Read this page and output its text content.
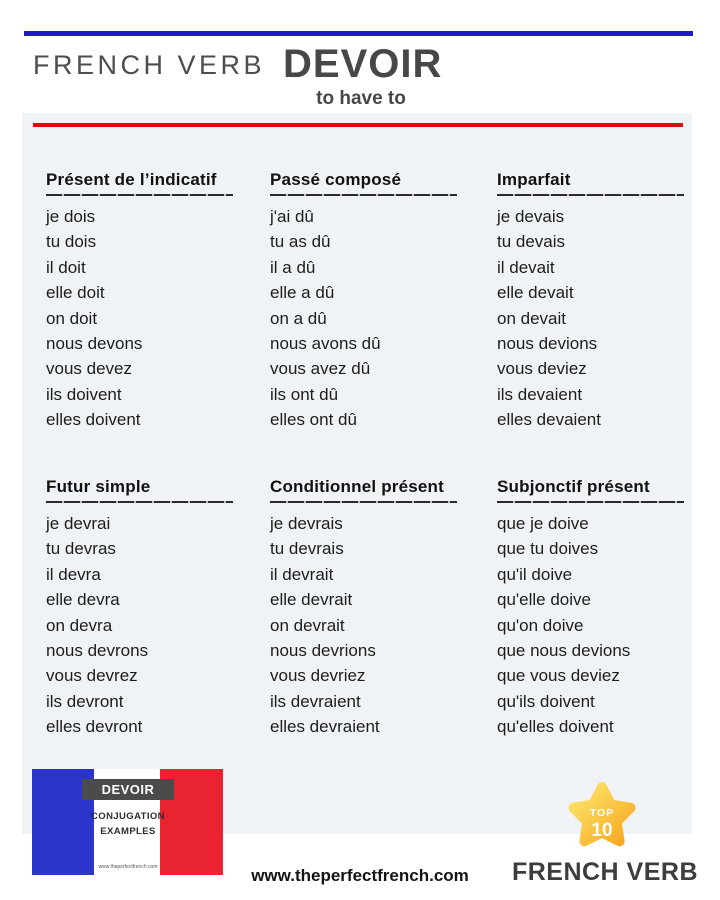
FRENCH VERB DEVOIR
to have to
Présent de l’indicatif
je dois
tu dois
il doit
elle doit
on doit
nous devons
vous devez
ils doivent
elles doivent
Passé composé
j'ai dû
tu as dû
il a dû
elle a dû
on a dû
nous avons dû
vous avez dû
ils ont dû
elles ont dû
Imparfait
je devais
tu devais
il devait
elle devait
on devait
nous devions
vous deviez
ils devaient
elles devaient
Futur simple
je devrai
tu devras
il devra
elle devra
on devra
nous devrons
vous devrez
ils devront
elles devront
Conditionnel présent
je devrais
tu devrais
il devrait
elle devrait
on devrait
nous devrions
vous devriez
ils devraient
elles devraient
Subjonctif présent
que je doive
que tu doives
qu'il doive
qu'elle doive
qu'on doive
que nous devions
que vous deviez
qu'ils doivent
qu'elles doivent
DEVOIR
CONJUGATION
EXAMPLES
www.theperfectfrench.com	www.theperfectfrench.com
TOP
10
FRENCH VERB
